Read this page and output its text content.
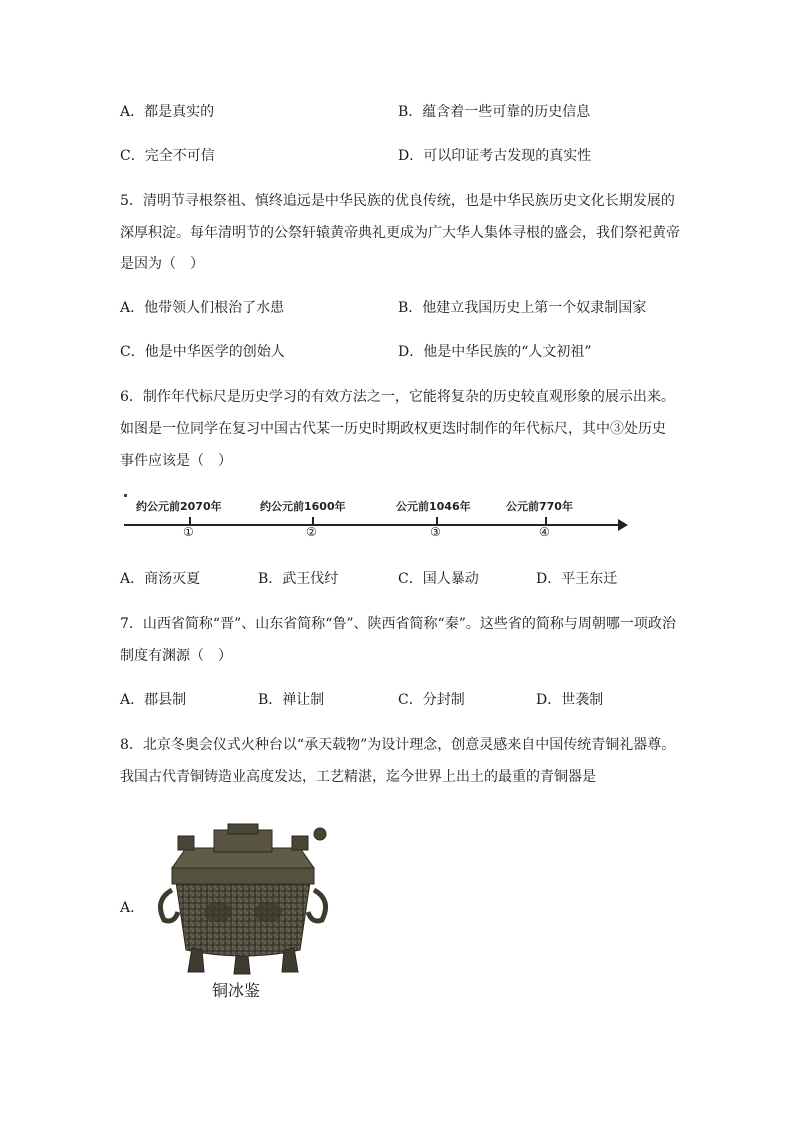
A．都是真实的	B．蕴含着一些可靠的历史信息
C．完全不可信	D．可以印证考古发现的真实性
5．清明节寻根祭祖、慎终追远是中华民族的优良传统，也是中华民族历史文化长期发展的
深厚积淀。每年清明节的公祭轩辕黄帝典礼更成为广大华人集体寻根的盛会，我们祭祀黄帝
是因为（　）
A．他带领人们根治了水患	B．他建立我国历史上第一个奴隶制国家
C．他是中华医学的创始人	D．他是中华民族的“人文初祖”
6．制作年代标尺是历史学习的有效方法之一，它能将复杂的历史较直观形象的展示出来。
如图是一位同学在复习中国古代某一历史时期政权更迭时制作的年代标尺，其中③处历史
事件应该是（　）
约公元前2070年	约公元前1600年	公元前1046年	公元前770年
①	②	③	④
A．商汤灭夏	B．武王伐纣	C．国人暴动	D．平王东迁
7．山西省简称“晋”、山东省简称“鲁”、陕西省简称“秦”。这些省的简称与周朝哪一项政治
制度有渊源（　）
A．郡县制	B．禅让制	C．分封制	D．世袭制
8．北京冬奥会仪式火种台以“承天载物”为设计理念，创意灵感来自中国传统青铜礼器尊。
我国古代青铜铸造业高度发达，工艺精湛，迄今世界上出土的最重的青铜器是
A．
铜冰鉴
